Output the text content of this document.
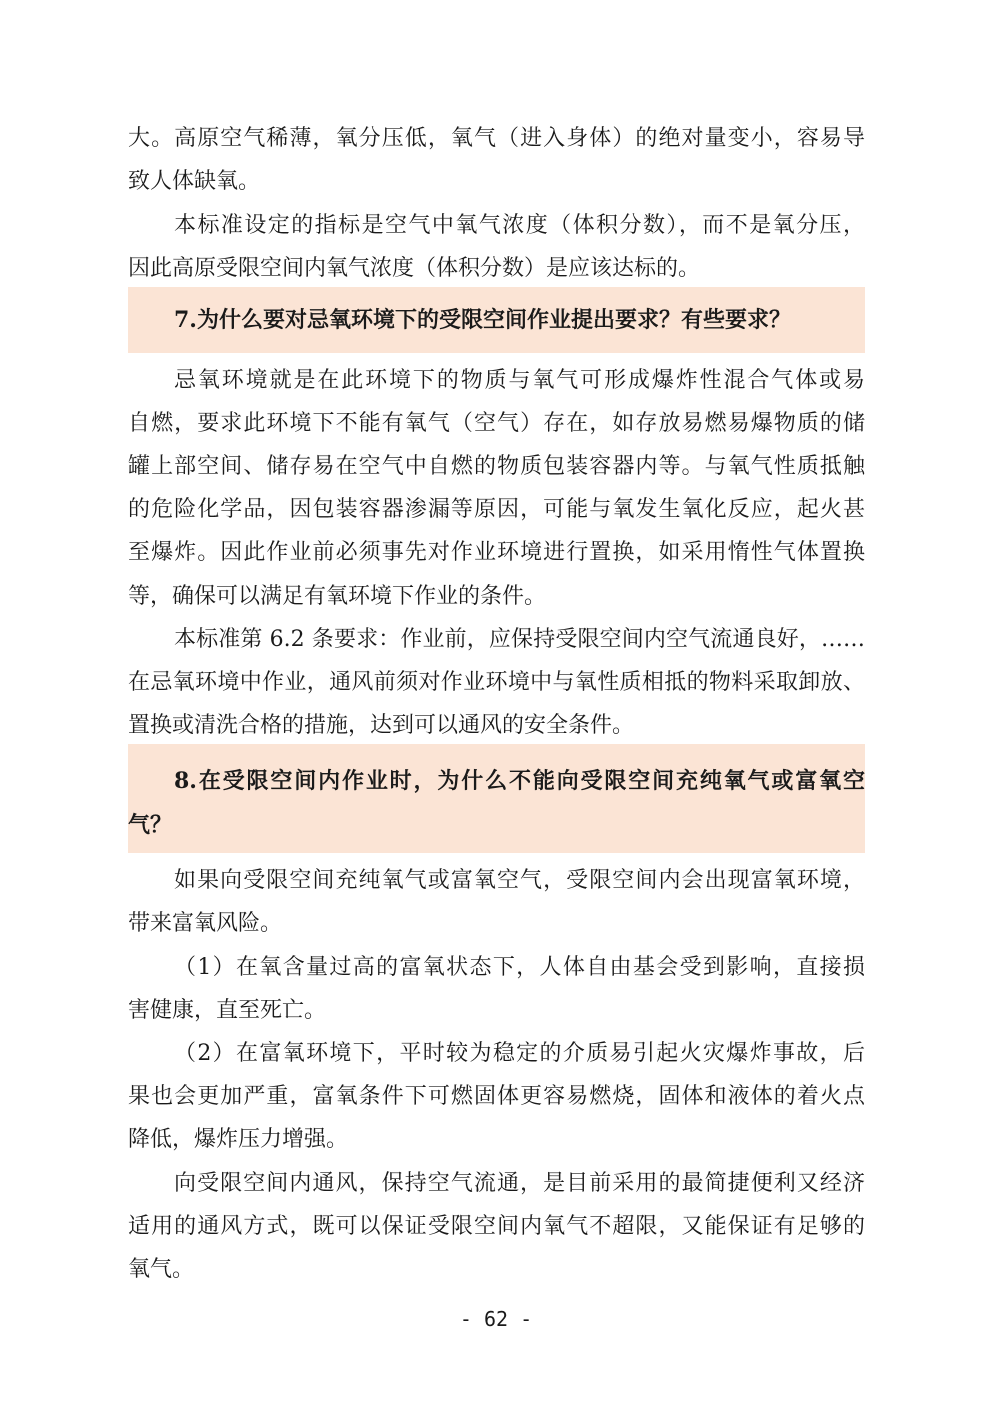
大。高原空气稀薄，氧分压低，氧气（进入身体）的绝对量变小，容易导
致人体缺氧。
本标准设定的指标是空气中氧气浓度（体积分数），而不是氧分压，
因此高原受限空间内氧气浓度（体积分数）是应该达标的。
7.为什么要对忌氧环境下的受限空间作业提出要求？有些要求？
忌氧环境就是在此环境下的物质与氧气可形成爆炸性混合气体或易
自燃，要求此环境下不能有氧气（空气）存在，如存放易燃易爆物质的储
罐上部空间、储存易在空气中自燃的物质包装容器内等。与氧气性质抵触
的危险化学品，因包装容器渗漏等原因，可能与氧发生氧化反应，起火甚
至爆炸。因此作业前必须事先对作业环境进行置换，如采用惰性气体置换
等，确保可以满足有氧环境下作业的条件。
本标准第 6.2 条要求：作业前，应保持受限空间内空气流通良好，……
在忌氧环境中作业，通风前须对作业环境中与氧性质相抵的物料采取卸放、
置换或清洗合格的措施，达到可以通风的安全条件。
8.在受限空间内作业时，为什么不能向受限空间充纯氧气或富氧空
气？
如果向受限空间充纯氧气或富氧空气，受限空间内会出现富氧环境，
带来富氧风险。
（1）在氧含量过高的富氧状态下，人体自由基会受到影响，直接损
害健康，直至死亡。
（2）在富氧环境下，平时较为稳定的介质易引起火灾爆炸事故，后
果也会更加严重，富氧条件下可燃固体更容易燃烧，固体和液体的着火点
降低，爆炸压力增强。
向受限空间内通风，保持空气流通，是目前采用的最简捷便利又经济
适用的通风方式，既可以保证受限空间内氧气不超限，又能保证有足够的
氧气。
- 62 -
